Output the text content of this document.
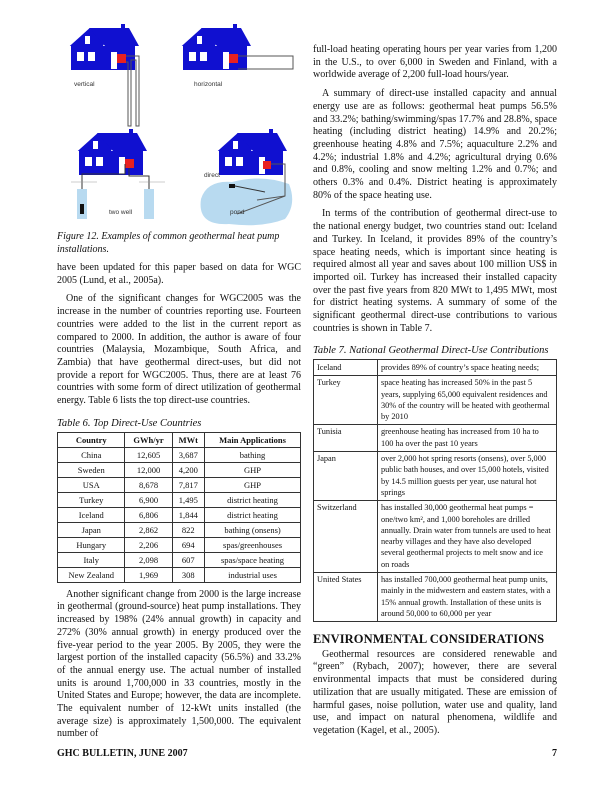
vertical	horizontal
two well
direct
pond
Figure 12. Examples of common geothermal heat pump installations.

have been updated for this paper based on data for WGC 2005 (Lund, et al., 2005a).

One of the significant changes for WGC2005 was the increase in the number of countries reporting use. Fourteen countries were added to the list in the current report as compared to 2000. In addition, the author is aware of four countries (Malaysia, Mozambique, South Africa, and Zambia) that have geothermal direct-uses, but did not provide a report for WGC2005. Thus, there are at least 76 countries with some form of direct utilization of geothermal energy. Table 6 lists the top direct-use countries.

Table 6. Top Direct-Use Countries
Country	GWh/yr	MWt	Main Applications
China	12,605	3,687	bathing
Sweden	12,000	4,200	GHP
USA	8,678	7,817	GHP
Turkey	6,900	1,495	district heating
Iceland	6,806	1,844	district heating
Japan	2,862	822	bathing (onsens)
Hungary	2,206	694	spas/greenhouses
Italy	2,098	607	spas/space heating
New Zealand	1,969	308	industrial uses

Another significant change from 2000 is the large increase in geothermal (ground-source) heat pump installations. They increased by 198% (24% annual growth) in capacity and 272% (30% annual growth) in energy produced over the five-year period to the year 2005. By 2005, they were the largest portion of the installed capacity (56.5%) and 33.2% of the annual energy use. The actual number of installed units is around 1,700,000 in 33 countries, mostly in the United States and Europe; however, the data are incomplete. The equivalent number of 12-kWt units installed (the average size) is approximately 1,500,000. The equivalent number of

full-load heating operating hours per year varies from 1,200 in the U.S., to over 6,000 in Sweden and Finland, with a worldwide average of 2,200 full-load hours/year.

A summary of direct-use installed capacity and annual energy use are as follows: geothermal heat pumps 56.5% and 33.2%; bathing/swimming/spas 17.7% and 28.8%, space heating (including district heating) 14.9% and 20.2%; greenhouse heating 4.8% and 7.5%; aquaculture 2.2% and 4.2%; industrial 1.8% and 4.2%; agricultural drying 0.6% and 0.8%, cooling and snow melting 1.2% and 0.7%; and others 0.3% and 0.4%. District heating is approximately 80% of the space heating use.

In terms of the contribution of geothermal direct-use to the national energy budget, two countries stand out: Iceland and Turkey. In Iceland, it provides 89% of the country’s space heating needs, which is important since heating is required almost all year and saves about 100 million US$ in imported oil. Turkey has increased their installed capacity over the past five years from 820 MWt to 1,495 MWt, most for district heating systems. A summary of some of the significant geothermal direct-use contributions to various countries is shown in Table 7.

Table 7. National Geothermal Direct-Use Contributions
Iceland	provides 89% of country’s space heating needs;
Turkey	space heating has increased 50% in the past 5 years, supplying 65,000 equivalent residences and 30% of the country will be heated with geothermal by 2010
Tunisia	greenhouse heating has increased from 10 ha to 100 ha over the past 10 years
Japan	over 2,000 hot spring resorts (onsens), over 5,000 public bath houses, and over 15,000 hotels, visited by 14.5 million guests per year, use natural hot springs
Switzerland	has installed 30,000 geothermal heat pumps = one/two km², and 1,000 boreholes are drilled annually. Drain water from tunnels are used to heat nearby villages and they have also developed several geothermal projects to melt snow and ice on roads
United States	has installed 700,000 geothermal heat pump units, mainly in the midwestern and eastern states, with a 15% annual growth. Installation of these units is around 50,000 to 60,000 per year
ENVIRONMENTAL CONSIDERATIONS

Geothermal resources are considered renewable and “green” (Rybach, 2007); however, there are several environmental impacts that must be considered during utilization that are usually mitigated. These are emission of harmful gases, noise pollution, water use and quality, land use, and impact on natural phenomena, wildlife and vegetation (Kagel, et al., 2005).

GHC BULLETIN, JUNE 2007	7
